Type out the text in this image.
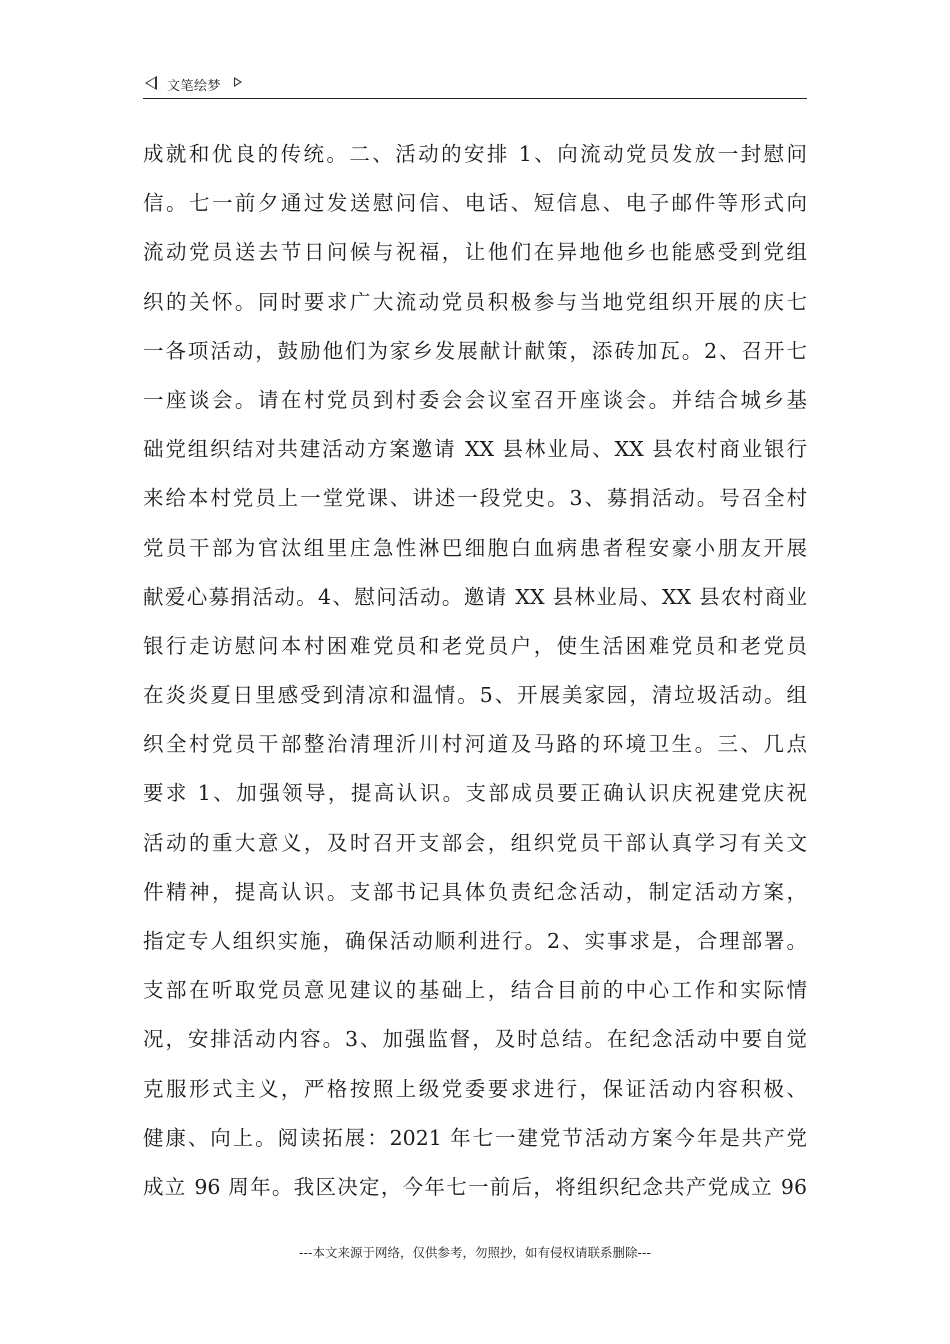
文笔绘梦
成就和优良的传统。二、活动的安排 1、向流动党员发放一封慰问
信。七一前夕通过发送慰问信、电话、短信息、电子邮件等形式向
流动党员送去节日问候与祝福，让他们在异地他乡也能感受到党组
织的关怀。同时要求广大流动党员积极参与当地党组织开展的庆七
一各项活动，鼓励他们为家乡发展献计献策，添砖加瓦。2、召开七
一座谈会。请在村党员到村委会会议室召开座谈会。并结合城乡基
础党组织结对共建活动方案邀请 XX 县林业局、XX 县农村商业银行
来给本村党员上一堂党课、讲述一段党史。3、募捐活动。号召全村
党员干部为官汰组里庄急性淋巴细胞白血病患者程安豪小朋友开展
献爱心募捐活动。4、慰问活动。邀请 XX 县林业局、XX 县农村商业
银行走访慰问本村困难党员和老党员户，使生活困难党员和老党员
在炎炎夏日里感受到清凉和温情。5、开展美家园，清垃圾活动。组
织全村党员干部整治清理沂川村河道及马路的环境卫生。三、几点
要求 1、加强领导，提高认识。支部成员要正确认识庆祝建党庆祝
活动的重大意义，及时召开支部会，组织党员干部认真学习有关文
件精神，提高认识。支部书记具体负责纪念活动，制定活动方案，
指定专人组织实施，确保活动顺利进行。2、实事求是，合理部署。
支部在听取党员意见建议的基础上，结合目前的中心工作和实际情
况，安排活动内容。3、加强监督，及时总结。在纪念活动中要自觉
克服形式主义，严格按照上级党委要求进行，保证活动内容积极、
健康、向上。阅读拓展：2021 年七一建党节活动方案今年是共产党
成立 96 周年。我区决定，今年七一前后，将组织纪念共产党成立 96
---本文来源于网络，仅供参考，勿照抄，如有侵权请联系删除---
